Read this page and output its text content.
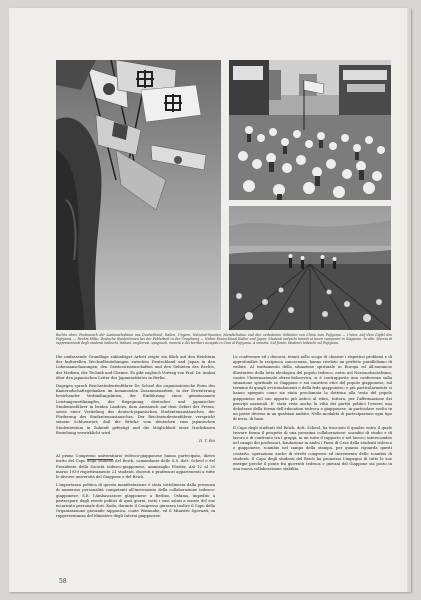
Rechts oben: Festmarsch der Austauschaktion aus Deutschland, Italien, Ungarn, National-Spanien, Mandschukuo und den verbotenen Gebieten von China zum Fujiyama — Unten: Auf dem Gipfel des Fujiyama. — Rechts Mitte: Deutsche Studentinnen bei der Feldarbeit in der Umgebung — Neben Deutschland Italien und Japan: Studenti tedeschi intenti ai lavori campestri in Giappone. In alto: Marcia di rappresentanti degli studenti tedeschi, italiani, ungheresi, spagnuoli, manciù e dei territori occupati in Cina al Fujiyama. A sinistra: Sul fondo: Studenti tedeschi sul Fujiyama.

Die umfassende Grundlage zukünftiger Arbeit zeigte ein Blick auf den Reichtum der kulturellen Wechselbeziehungen zwischen Deutschland und Japan in den Lebensanschauungen, den Geisteswissenschaften und den Gebieten des Rechts, der Medizin, der Technik und Chemie. Es gibt zugleich Vortrag von Prof. Dr. Arakai über den japanischen Leiter des Japaninstitutes in Berlin.

Dagegen sprach Reichsstudentenführer Dr. Scheel die organisatorische Form des Kameradschaftsgedanken im kommenden Zusammenarbeit, in der Erweiterung bestehender Verbindungslinien, der Einführung eines gemeinsamen Leistungswettkampfes, der Begegnung deutscher und japanischer Studentenführer in beiden Ländern, dem Austausch auf dem Gebiet der Presse, sowie einer Vertiefung des deutsch-japanischen Studentenaustausches, der Förderung des Studentenaustausches. Der Reichsstudentenführer verspricht seinem Schlusswort, daß die Brücke vom deutschen zum japanischen Studententum in Zukunft gefestigt und die Möglichkeit einer fruchtbaren Beziehung verwirklicht wird.

D. T. Stö

Al primo Congresso universitario tedesco-giapponese hanno partecipato, dietro invito del Capo degli studenti del Reich, comandante delle S.S. dott. Scheel e del Presidente della Società tedesco-giapponese, ammiraglio Förster, dal 12 al 20 marzo 1939 rispettivamente 21 studenti, docenti e professori appartenenti a tutte le diverse università del Giappone e del Reich.

L'importanza politica di questa manifestazione è stata sottolineata dalla presenza di numerose personalità competenti all'incremento della collaborazione tedesco-giapponese: S.E. l'Ambasciatore giapponese a Berlino, Oshima, impedito a partecipare dagli eventi politici di quei giorni, inviò i suoi saluti a mezzo del suo incaricato personale dott. Koda; durante il Congresso giunsero inoltre il Capo della Organizzazione giovanile nipponica, conte Watanabe, ed il Ministro Sgovazzi, in rappresentanza del Ministero degli Interni giapponese.

Le conferenze ed i discorsi, tenuti nello scopo di chiarire i rispettivi problemi e di approfondire la reciproca conoscenza, hanno rivelato un perfetto parallelismo di vedute. Al trattamento della situazione spirituale in Europa ed all'annuncio illustrativo della lotta ideologica del popolo tedesco, entro nel Nazionalsocialismo, contro l'Internazionale ebreo-bolscevica, si è contrapposto una conferenza sulla situazione spirituale in Giappone e sui caratteri etici del popolo giapponese, sul termine di quegli avvicendamenti e della fede giapponese; e più particolarmente ci hanno spiegato come sia stata proclamata la dottrina alla testa del popolo giapponese nel suo apporto più antico al ritiro, tuttora, per l'affermazione dei principi nazionali. E' stata vista anche la viltà dei partiti politici l'essere una debolezza della forma dell'education tedesca e giapponese, in particolare svolto in un paese diverso in un qualsiasi ambito. Nelle modalità di partecipazione ogni tipo di testo, di base.

Il Capo degli studenti del Reich, dott. Scheel, ha tracciato il quadro entro il quale trovare forma il progetto di una prossima collaborazione: scambio di studio e di lavoro e di confronto tra i gruppi, in un tutto il rapporto e nel lavoro; interscambio nel campo dei professori, fondazione in ambo i Paesi di Case della studenti tedesco e giapponese, scambio nel campo della stampa, per quanto riguarda questi contatto, operazione anche di stretti congressi ed incremento dello scambio di studenti. Il Capo degli studenti del Reich ha promesso l'impegno di tutte le sue energie perché il ponte fra gioventù tedesca e giovani del Giappone sia posto in una nuova collaborazione stabilita.

58
